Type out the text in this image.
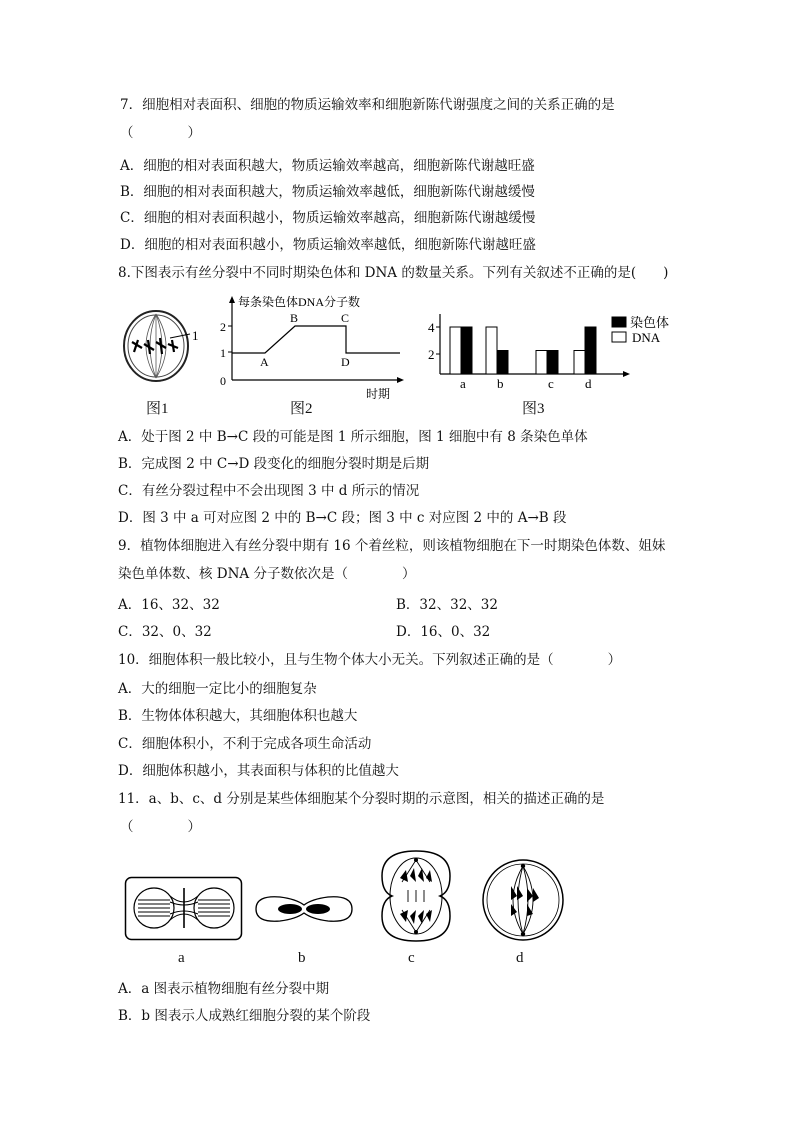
7．细胞相对表面积、细胞的物质运输效率和细胞新陈代谢强度之间的关系正确的是
（　　　　）
A．细胞的相对表面积越大，物质运输效率越高，细胞新陈代谢越旺盛
B．细胞的相对表面积越大，物质运输效率越低，细胞新陈代谢越缓慢
C．细胞的相对表面积越小，物质运输效率越高，细胞新陈代谢越缓慢
D．细胞的相对表面积越小，物质运输效率越低，细胞新陈代谢越旺盛
8.下图表示有丝分裂中不同时期染色体和 DNA 的数量关系。下列有关叙述不正确的是(　　)
1
图1
每条染色体DNA分子数
0
1
2
A
B	C
D
时期
图2
4
2
a b	c d
染色体
DNA
图3
A．处于图 2 中 B→C 段的可能是图 1 所示细胞，图 1 细胞中有 8 条染色单体
B．完成图 2 中 C→D 段变化的细胞分裂时期是后期
C．有丝分裂过程中不会出现图 3 中 d 所示的情况
D．图 3 中 a 可对应图 2 中的 B→C 段；图 3 中 c 对应图 2 中的 A→B 段
9．植物体细胞进入有丝分裂中期有 16 个着丝粒，则该植物细胞在下一时期染色体数、姐妹
染色单体数、核 DNA 分子数依次是（　　　　）
A．16、32、32	B．32、32、32
C．32、0、32	D．16、0、32
10．细胞体积一般比较小，且与生物个体大小无关。下列叙述正确的是（　　　　）
A．大的细胞一定比小的细胞复杂
B．生物体体积越大，其细胞体积也越大
C．细胞体积小，不利于完成各项生命活动
D．细胞体积越小，其表面积与体积的比值越大
11．a、b、c、d 分别是某些体细胞某个分裂时期的示意图，相关的描述正确的是
（　　　　）
a	b	c	d
A．a 图表示植物细胞有丝分裂中期
B．b 图表示人成熟红细胞分裂的某个阶段
